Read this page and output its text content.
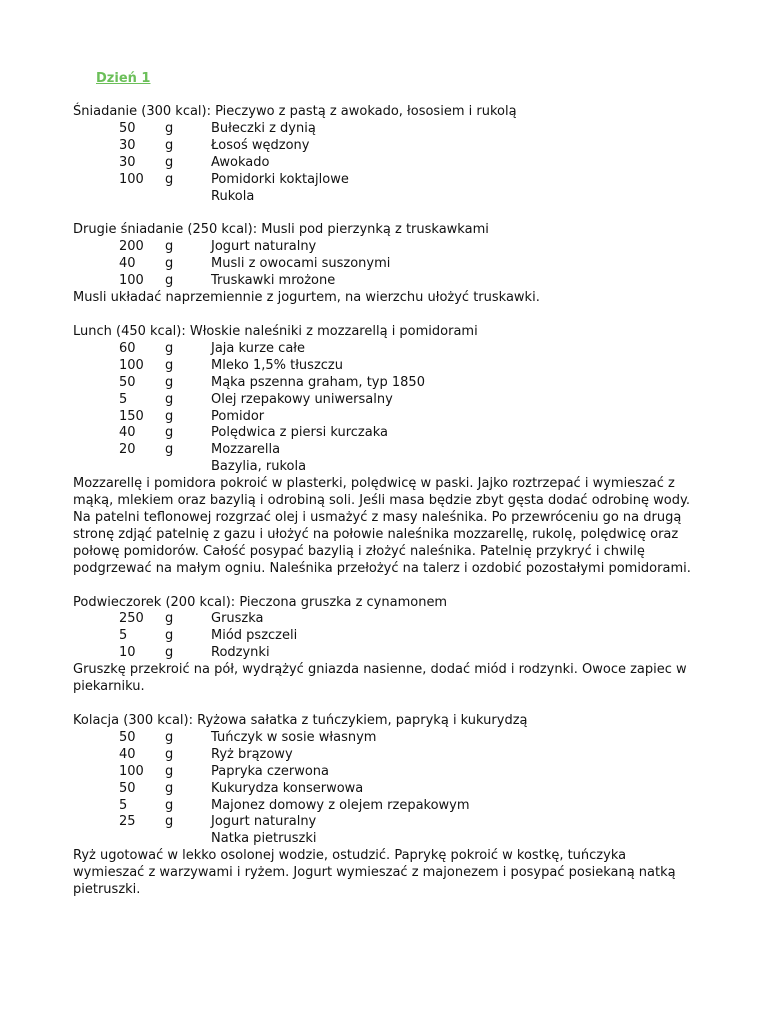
Dzień 1
Śniadanie (300 kcal): Pieczywo z pastą z awokado, łososiem i rukolą
50	g	Bułeczki z dynią
30	g	Łosoś wędzony
30	g	Awokado
100	g	Pomidorki koktajlowe
Rukola
Drugie śniadanie (250 kcal): Musli pod pierzynką z truskawkami
200	g	Jogurt naturalny
40	g	Musli z owocami suszonymi
100	g	Truskawki mrożone
Musli układać naprzemiennie z jogurtem, na wierzchu ułożyć truskawki.
Lunch (450 kcal): Włoskie naleśniki z mozzarellą i pomidorami
60	g	Jaja kurze całe
100	g	Mleko 1,5% tłuszczu
50	g	Mąka pszenna graham, typ 1850
5	g	Olej rzepakowy uniwersalny
150	g	Pomidor
40	g	Polędwica z piersi kurczaka
20	g	Mozzarella
Bazylia, rukola
Mozzarellę i pomidora pokroić w plasterki, polędwicę w paski. Jajko roztrzepać i wymieszać z
mąką, mlekiem oraz bazylią i odrobiną soli. Jeśli masa będzie zbyt gęsta dodać odrobinę wody.
Na patelni teflonowej rozgrzać olej i usmażyć z masy naleśnika. Po przewróceniu go na drugą
stronę zdjąć patelnię z gazu i ułożyć na połowie naleśnika mozzarellę, rukolę, polędwicę oraz
połowę pomidorów. Całość posypać bazylią i złożyć naleśnika. Patelnię przykryć i chwilę
podgrzewać na małym ogniu. Naleśnika przełożyć na talerz i ozdobić pozostałymi pomidorami.
Podwieczorek (200 kcal): Pieczona gruszka z cynamonem
250	g	Gruszka
5	g	Miód pszczeli
10	g	Rodzynki
Gruszkę przekroić na pół, wydrążyć gniazda nasienne, dodać miód i rodzynki. Owoce zapiec w
piekarniku.
Kolacja (300 kcal): Ryżowa sałatka z tuńczykiem, papryką i kukurydzą
50	g	Tuńczyk w sosie własnym
40	g	Ryż brązowy
100	g	Papryka czerwona
50	g	Kukurydza konserwowa
5	g	Majonez domowy z olejem rzepakowym
25	g	Jogurt naturalny
Natka pietruszki
Ryż ugotować w lekko osolonej wodzie, ostudzić. Paprykę pokroić w kostkę, tuńczyka
wymieszać z warzywami i ryżem. Jogurt wymieszać z majonezem i posypać posiekaną natką
pietruszki.
